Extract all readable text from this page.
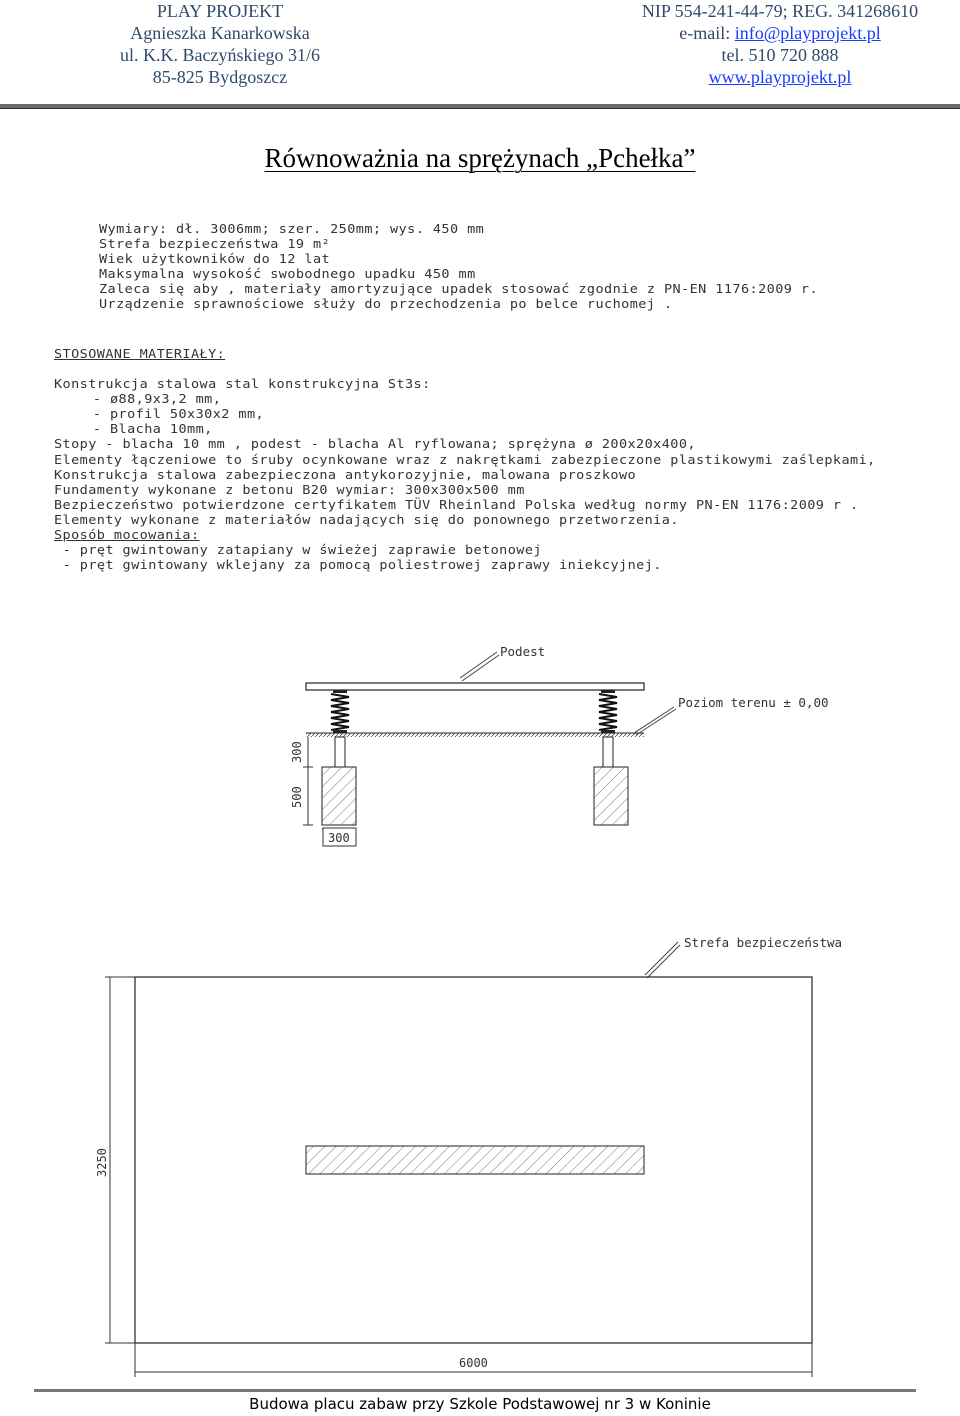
PLAY PROJEKT
Agnieszka Kanarkowska
ul. K.K. Baczyńskiego 31/6
85-825 Bydgoszcz
NIP 554-241-44-79; REG. 341268610
e-mail: info@playprojekt.pl
tel. 510 720 888
www.playprojekt.pl
Równoważnia na sprężynach „Pchełka”
Wymiary: dł. 3006mm; szer. 250mm; wys. 450 mm
Strefa bezpieczeństwa 19 m²
Wiek użytkowników do 12 lat
Maksymalna wysokość swobodnego upadku 450 mm
Zaleca się aby , materiały amortyzujące upadek stosować zgodnie z PN-EN 1176:2009 r.
Urządzenie sprawnościowe służy do przechodzenia po belce ruchomej .
STOSOWANE MATERIAŁY:
Konstrukcja stalowa stal konstrukcyjna St3s:
- ø88,9x3,2 mm,
- profil 50x30x2 mm,
- Blacha 10mm,
Stopy - blacha 10 mm , podest - blacha Al ryflowana; sprężyna ø 200x20x400,
Elementy łączeniowe to śruby ocynkowane wraz z nakrętkami zabezpieczone plastikowymi zaślepkami,
Konstrukcja stalowa zabezpieczona antykorozyjnie, malowana proszkowo
Fundamenty wykonane z betonu B20 wymiar: 300x300x500 mm
Bezpieczeństwo potwierdzone certyfikatem TÜV Rheinland Polska według normy PN-EN 1176:2009 r .
Elementy wykonane z materiałów nadających się do ponownego przetworzenia.
Sposób mocowania:
- pręt gwintowany zatapiany w świeżej zaprawie betonowej
- pręt gwintowany wklejany za pomocą poliestrowej zaprawy iniekcyjnej.
Podest
Poziom terenu ± 0,00
300
500
300
Strefa bezpieczeństwa
3250
6000
Budowa placu zabaw przy Szkole Podstawowej nr 3 w Koninie
